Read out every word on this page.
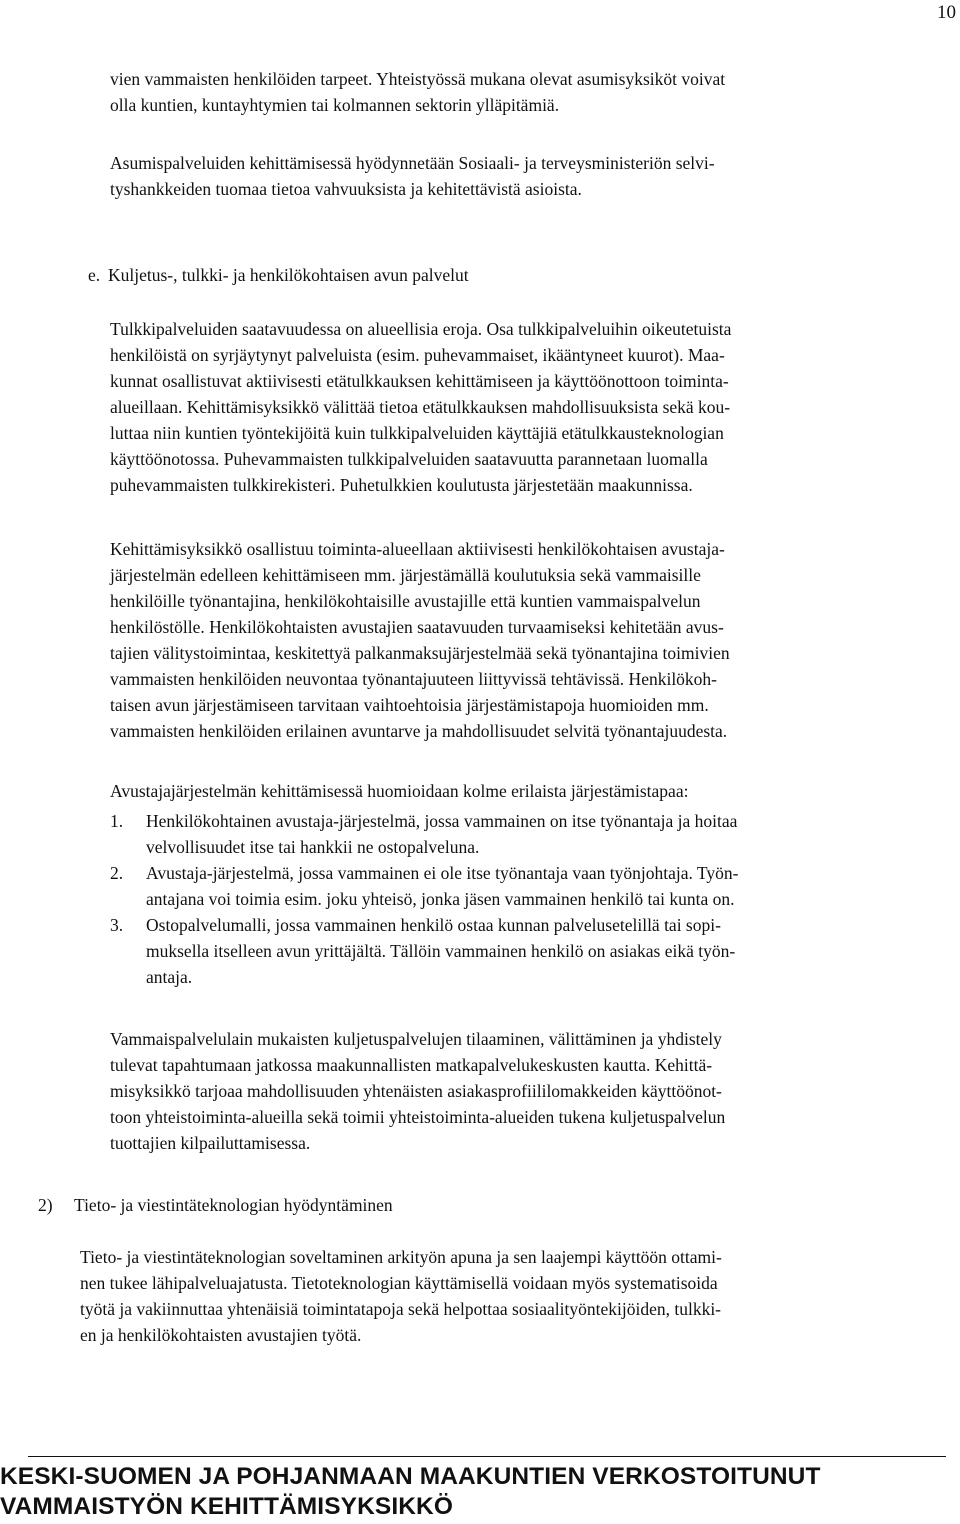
10

vien vammaisten henkilöiden tarpeet. Yhteistyössä mukana olevat asumisyksiköt voivat
olla kuntien, kuntayhtymien tai kolmannen sektorin ylläpitämiä.

Asumispalveluiden kehittämisessä hyödynnetään Sosiaali- ja terveysministeriön selvi-
tyshankkeiden tuomaa tietoa vahvuuksista ja kehitettävistä asioista.

e. Kuljetus-, tulkki- ja henkilökohtaisen avun palvelut

Tulkkipalveluiden saatavuudessa on alueellisia eroja. Osa tulkkipalveluihin oikeutetuista
henkilöistä on syrjäytynyt palveluista (esim. puhevammaiset, ikääntyneet kuurot). Maa-
kunnat osallistuvat aktiivisesti etätulkkauksen kehittämiseen ja käyttöönottoon toiminta-
alueillaan. Kehittämisyksikkö välittää tietoa etätulkkauksen mahdollisuuksista sekä kou-
luttaa niin kuntien työntekijöitä kuin tulkkipalveluiden käyttäjiä etätulkkausteknologian
käyttöönotossa. Puhevammaisten tulkkipalveluiden saatavuutta parannetaan luomalla
puhevammaisten tulkkirekisteri. Puhetulkkien koulutusta järjestetään maakunnissa.

Kehittämisyksikkö osallistuu toiminta-alueellaan aktiivisesti henkilökohtaisen avustaja-
järjestelmän edelleen kehittämiseen mm. järjestämällä koulutuksia sekä vammaisille
henkilöille työnantajina, henkilökohtaisille avustajille että kuntien vammaispalvelun
henkilöstölle. Henkilökohtaisten avustajien saatavuuden turvaamiseksi kehitetään avus-
tajien välitystoimintaa, keskitettyä palkanmaksujärjestelmää sekä työnantajina toimivien
vammaisten henkilöiden neuvontaa työnantajuuteen liittyvissä tehtävissä. Henkilökoh-
taisen avun järjestämiseen tarvitaan vaihtoehtoisia järjestämistapoja huomioiden mm.
vammaisten henkilöiden erilainen avuntarve ja mahdollisuudet selvitä työnantajuudesta.

Avustajajärjestelmän kehittämisessä huomioidaan kolme erilaista järjestämistapaa:

1. Henkilökohtainen avustaja-järjestelmä, jossa vammainen on itse työnantaja ja hoitaa
velvollisuudet itse tai hankkii ne ostopalveluna.
2. Avustaja-järjestelmä, jossa vammainen ei ole itse työnantaja vaan työnjohtaja. Työn-
antajana voi toimia esim. joku yhteisö, jonka jäsen vammainen henkilö tai kunta on.
3. Ostopalvelumalli, jossa vammainen henkilö ostaa kunnan palvelusetelillä tai sopi-
muksella itselleen avun yrittäjältä. Tällöin vammainen henkilö on asiakas eikä työn-
antaja.

Vammaispalvelulain mukaisten kuljetuspalvelujen tilaaminen, välittäminen ja yhdistely
tulevat tapahtumaan jatkossa maakunnallisten matkapalvelukeskusten kautta. Kehittä-
misyksikkö tarjoaa mahdollisuuden yhtenäisten asiakasprofiililomakkeiden käyttöönot-
toon yhteistoiminta-alueilla sekä toimii yhteistoiminta-alueiden tukena kuljetuspalvelun
tuottajien kilpailuttamisessa.

2) Tieto- ja viestintäteknologian hyödyntäminen

Tieto- ja viestintäteknologian soveltaminen arkityön apuna ja sen laajempi käyttöön ottami-
nen tukee lähipalveluajatusta. Tietoteknologian käyttämisellä voidaan myös systematisoida
työtä ja vakiinnuttaa yhtenäisiä toimintatapoja sekä helpottaa sosiaalityöntekijöiden, tulkki-
en ja henkilökohtaisten avustajien työtä.

KESKI-SUOMEN JA POHJANMAAN MAAKUNTIEN VERKOSTOITUNUT
VAMMAISTYÖN KEHITTÄMISYKSIKKÖ
